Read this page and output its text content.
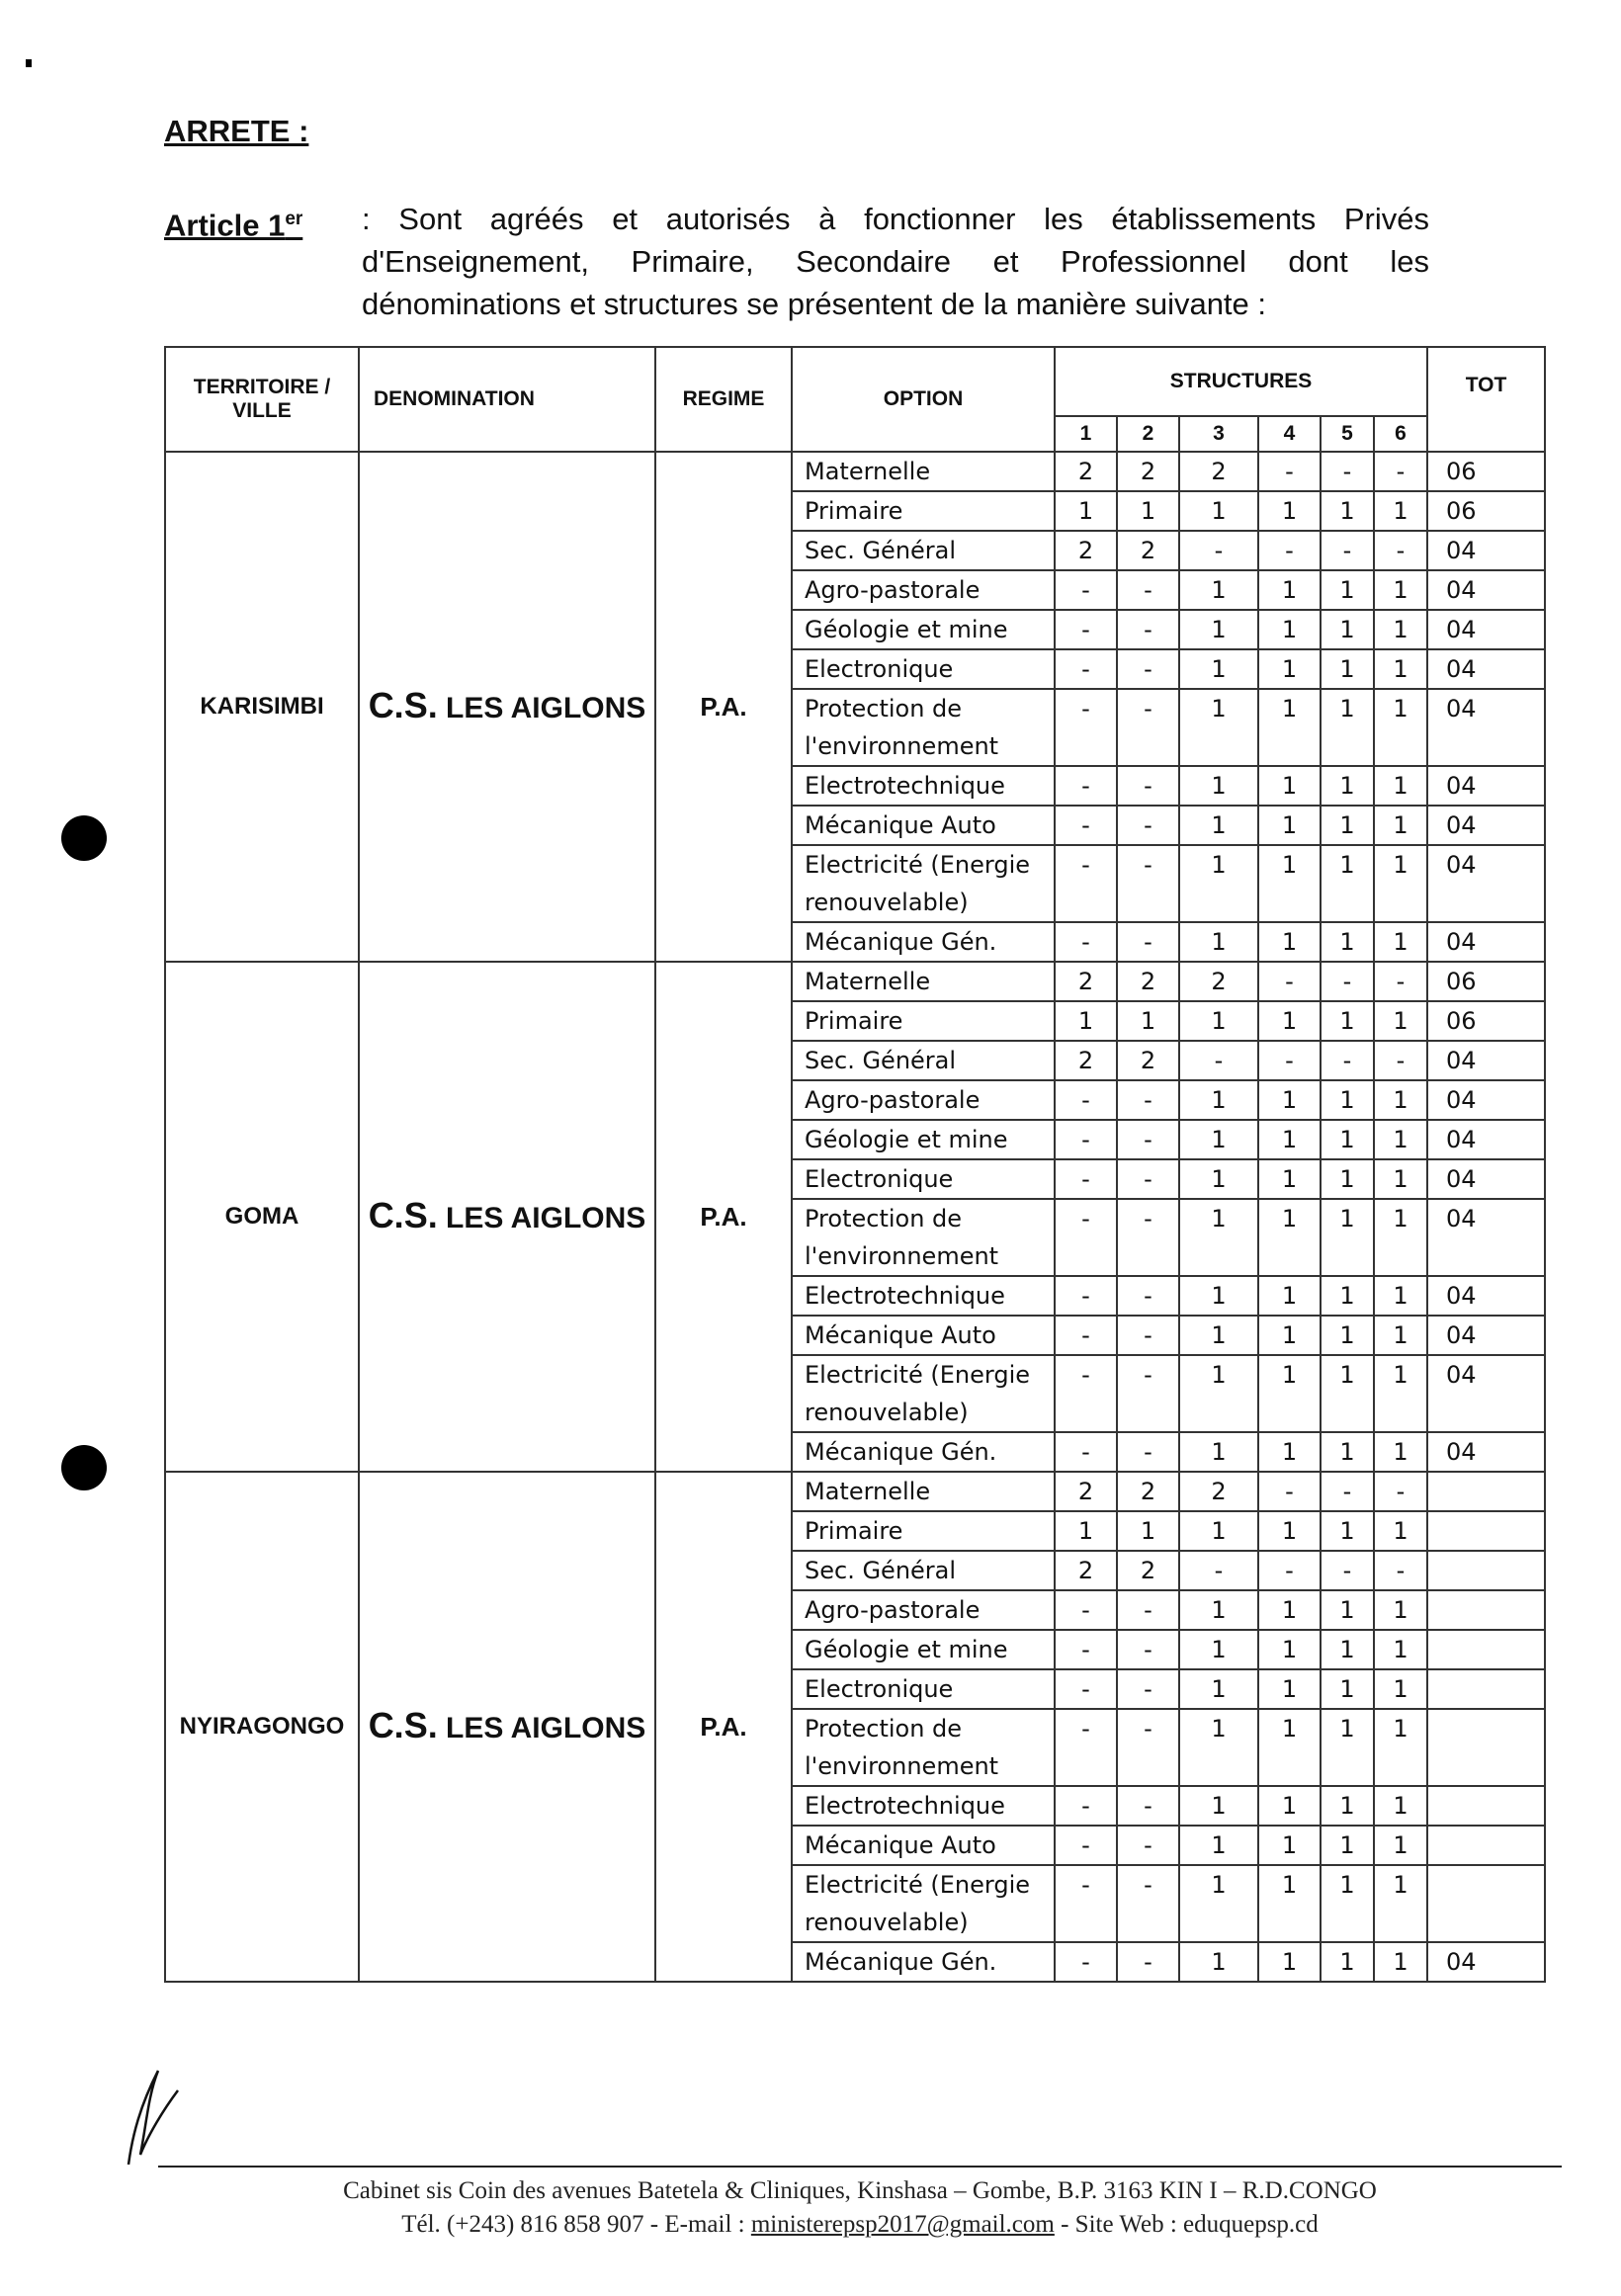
ARRETE :
Article 1er : Sont agréés et autorisés à fonctionner les établissements Privés d'Enseignement, Primaire, Secondaire et Professionnel dont les dénominations et structures se présentent de la manière suivante :
TERRITOIRE / VILLE	DENOMINATION	REGIME	OPTION	STRUCTURES						TOT
				1	2	3	4	5	6	
KARISIMBI	C.S. LES AIGLONS	P.A.	Maternelle	2	2	2	-	-	-	06
			Primaire	1	1	1	1	1	1	06
			Sec. Général	2	2	-	-	-	-	04
			Agro-pastorale	-	-	1	1	1	1	04
			Géologie et mine	-	-	1	1	1	1	04
			Electronique	-	-	1	1	1	1	04
			Protection de l'environnement	-	-	1	1	1	1	04
			Electrotechnique	-	-	1	1	1	1	04
			Mécanique Auto	-	-	1	1	1	1	04
			Electricité (Energie renouvelable)	-	-	1	1	1	1	04
			Mécanique Gén.	-	-	1	1	1	1	04
GOMA	C.S. LES AIGLONS	P.A.	Maternelle	2	2	2	-	-	-	06
			Primaire	1	1	1	1	1	1	06
			Sec. Général	2	2	-	-	-	-	04
			Agro-pastorale	-	-	1	1	1	1	04
			Géologie et mine	-	-	1	1	1	1	04
			Electronique	-	-	1	1	1	1	04
			Protection de l'environnement	-	-	1	1	1	1	04
			Electrotechnique	-	-	1	1	1	1	04
			Mécanique Auto	-	-	1	1	1	1	04
			Electricité (Energie renouvelable)	-	-	1	1	1	1	04
			Mécanique Gén.	-	-	1	1	1	1	04
NYIRAGONGO	C.S. LES AIGLONS	P.A.	Maternelle	2	2	2	-	-	-	
			Primaire	1	1	1	1	1	1	
			Sec. Général	2	2	-	-	-	-	
			Agro-pastorale	-	-	1	1	1	1	
			Géologie et mine	-	-	1	1	1	1	
			Electronique	-	-	1	1	1	1	
			Protection de l'environnement	-	-	1	1	1	1	
			Electrotechnique	-	-	1	1	1	1	
			Mécanique Auto	-	-	1	1	1	1	
			Electricité (Energie renouvelable)	-	-	1	1	1	1	
			Mécanique Gén.	-	-	1	1	1	1	04
Cabinet sis Coin des avenues Batetela & Cliniques, Kinshasa – Gombe, B.P. 3163 KIN I – R.D.CONGO
Tél. (+243) 816 858 907 - E-mail : ministerepsp2017@gmail.com - Site Web : eduquepsp.cd
